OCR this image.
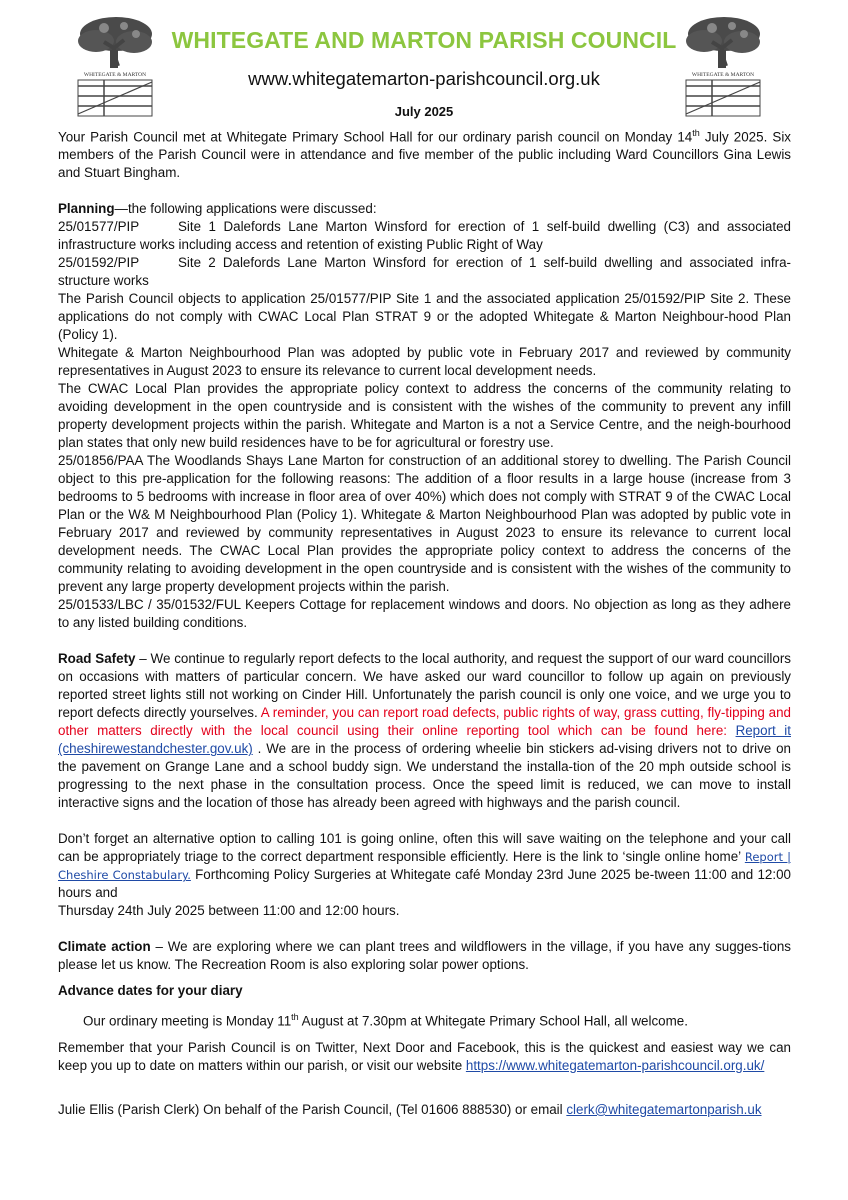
WHITEGATE & MARTON	WHITEGATE & MARTON
WHITEGATE AND MARTON PARISH COUNCIL
www.whitegatemarton-parishcouncil.org.uk
July 2025

Your Parish Council met at Whitegate Primary School Hall for our ordinary parish council on Monday 14th July 2025. Six members of the Parish Council were in attendance and five member of the public including Ward Councillors Gina Lewis and Stuart Bingham.

Planning—the following applications were discussed:

25/01577/PIP	Site 1 Dalefords Lane Marton Winsford for erection of 1 self-build dwelling (C3) and associated infrastructure works including access and retention of existing Public Right of Way

25/01592/PIP	Site 2 Dalefords Lane Marton Winsford for erection of 1 self-build dwelling and associated infra-structure works

The Parish Council objects to application 25/01577/PIP Site 1 and the associated application 25/01592/PIP Site 2. These applications do not comply with CWAC Local Plan STRAT 9 or the adopted Whitegate & Marton Neighbour-hood Plan (Policy 1).

Whitegate & Marton Neighbourhood Plan was adopted by public vote in February 2017 and reviewed by community representatives in August 2023 to ensure its relevance to current local development needs.

The CWAC Local Plan provides the appropriate policy context to address the concerns of the community relating to avoiding development in the open countryside and is consistent with the wishes of the community to prevent any infill property development projects within the parish. Whitegate and Marton is a not a Service Centre, and the neigh-bourhood plan states that only new build residences have to be for agricultural or forestry use.

25/01856/PAA The Woodlands Shays Lane Marton for construction of an additional storey to dwelling. The Parish Council object to this pre-application for the following reasons: The addition of a floor results in a large house (increase from 3 bedrooms to 5 bedrooms with increase in floor area of over 40%) which does not comply with STRAT 9 of the CWAC Local Plan or the W& M Neighbourhood Plan (Policy 1). Whitegate & Marton Neighbourhood Plan was adopted by public vote in February 2017 and reviewed by community representatives in August 2023 to ensure its relevance to current local development needs. The CWAC Local Plan provides the appropriate policy context to address the concerns of the community relating to avoiding development in the open countryside and is consistent with the wishes of the community to prevent any large property development projects within the parish.

25/01533/LBC / 35/01532/FUL Keepers Cottage for replacement windows and doors. No objection as long as they adhere to any listed building conditions.

Road Safety – We continue to regularly report defects to the local authority, and request the support of our ward councillors on occasions with matters of particular concern. We have asked our ward councillor to follow up again on previously reported street lights still not working on Cinder Hill. Unfortunately the parish council is only one voice, and we urge you to report defects directly yourselves. A reminder, you can report road defects, public rights of way, grass cutting, fly-tipping and other matters directly with the local council using their online reporting tool which can be found here: Report it (cheshirewestandchester.gov.uk) . We are in the process of ordering wheelie bin stickers ad-vising drivers not to drive on the pavement on Grange Lane and a school buddy sign. We understand the installa-tion of the 20 mph outside school is progressing to the next phase in the consultation process. Once the speed limit is reduced, we can move to install interactive signs and the location of those has already been agreed with highways and the parish council.

Don’t forget an alternative option to calling 101 is going online, often this will save waiting on the telephone and your call can be appropriately triage to the correct department responsible efficiently. Here is the link to ‘single online home’ Report | Cheshire Constabulary. Forthcoming Policy Surgeries at Whitegate café Monday 23rd June 2025 be-tween 11:00 and 12:00 hours and

Thursday 24th July 2025 between 11:00 and 12:00 hours.

Climate action – We are exploring where we can plant trees and wildflowers in the village, if you have any sugges-tions please let us know. The Recreation Room is also exploring solar power options.

Advance dates for your diary

Our ordinary meeting is Monday 11th August at 7.30pm at Whitegate Primary School Hall, all welcome.

Remember that your Parish Council is on Twitter, Next Door and Facebook, this is the quickest and easiest way we can keep you up to date on matters within our parish, or visit our website https://www.whitegatemarton-parishcouncil.org.uk/

Julie Ellis (Parish Clerk) On behalf of the Parish Council, (Tel 01606 888530) or email clerk@whitegatemartonparish.uk
